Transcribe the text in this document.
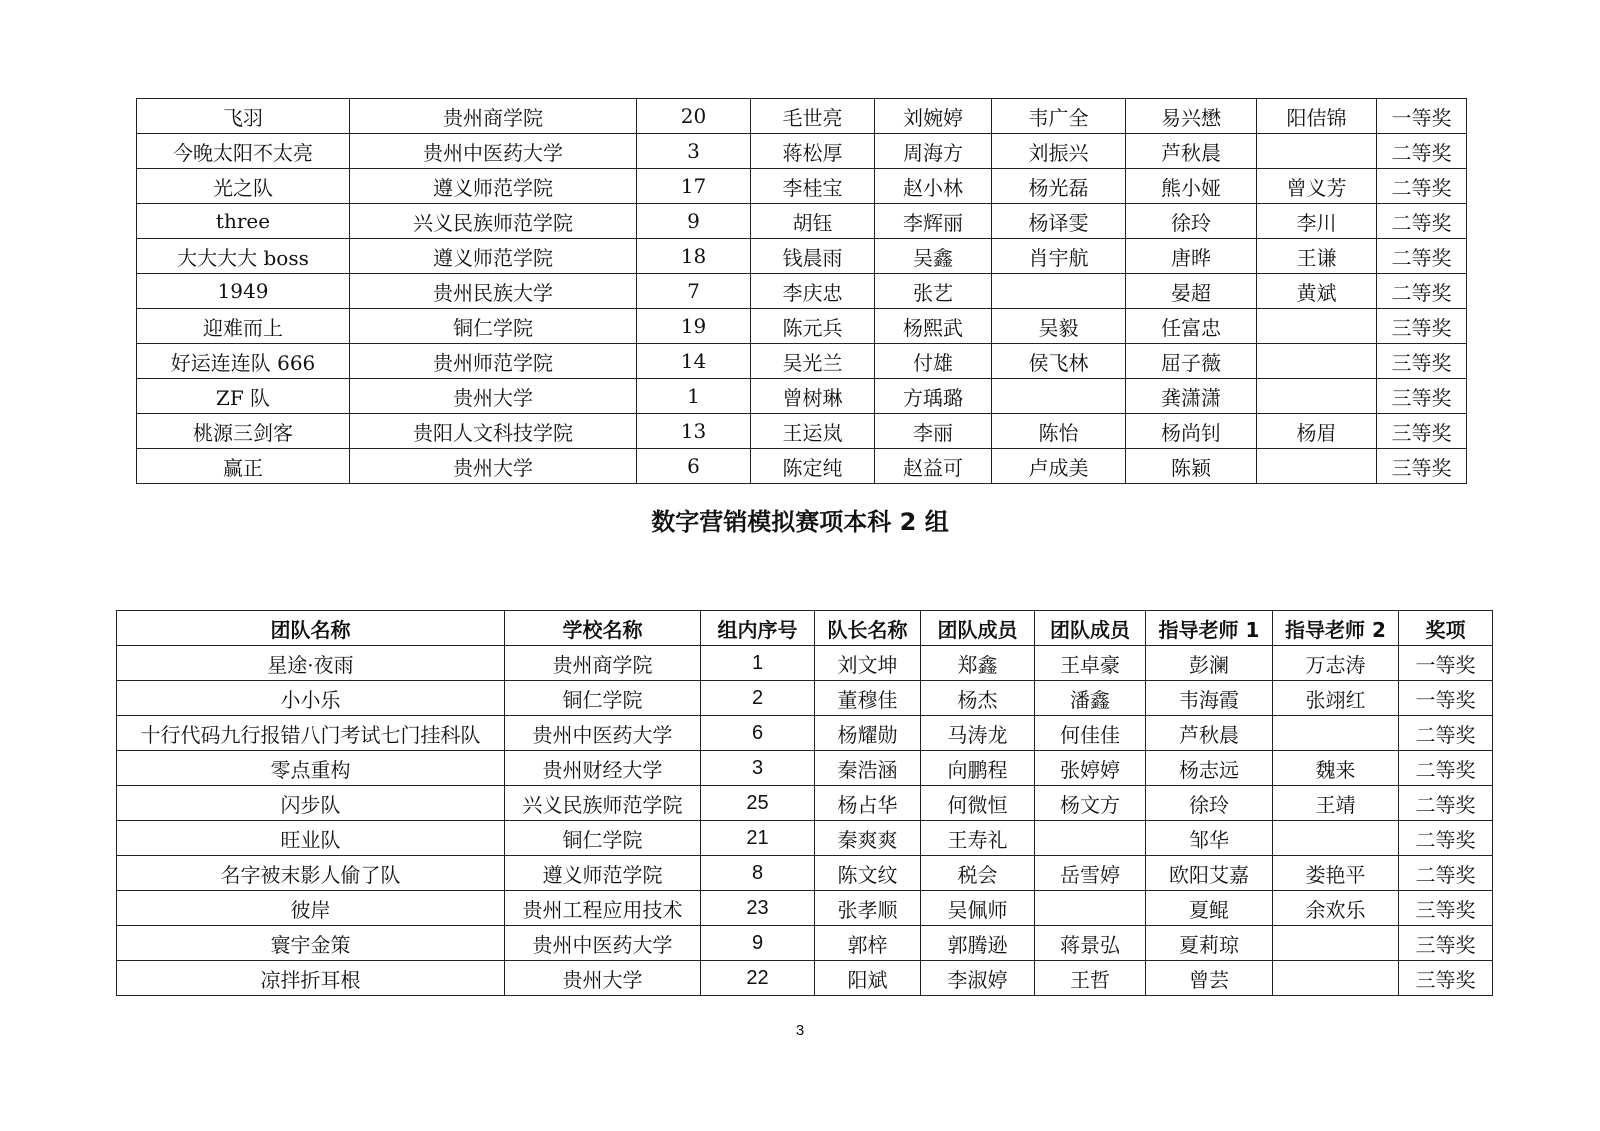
飞羽	贵州商学院	20	毛世亮	刘婉婷	韦广全	易兴懋	阳佶锦	一等奖
今晚太阳不太亮	贵州中医药大学	3	蒋松厚	周海方	刘振兴	芦秋晨		二等奖
光之队	遵义师范学院	17	李桂宝	赵小林	杨光磊	熊小娅	曾义芳	二等奖
three	兴义民族师范学院	9	胡钰	李辉丽	杨译雯	徐玲	李川	二等奖
大大大大 boss	遵义师范学院	18	钱晨雨	吴鑫	肖宇航	唐晔	王谦	二等奖
1949	贵州民族大学	7	李庆忠	张艺		晏超	黄斌	二等奖
迎难而上	铜仁学院	19	陈元兵	杨熙武	吴毅	任富忠		三等奖
好运连连队 666	贵州师范学院	14	吴光兰	付雄	侯飞林	屈子薇		三等奖
ZF 队	贵州大学	1	曾树琳	方瑀璐		龚潇潇		三等奖
桃源三剑客	贵阳人文科技学院	13	王运岚	李丽	陈怡	杨尚钊	杨眉	三等奖
赢正	贵州大学	6	陈定纯	赵益可	卢成美	陈颖		三等奖
数字营销模拟赛项本科 2 组
团队名称	学校名称	组内序号	队长名称	团队成员	团队成员	指导老师 1	指导老师 2	奖项
星途·夜雨	贵州商学院	1	刘文坤	郑鑫	王卓豪	彭澜	万志涛	一等奖
小小乐	铜仁学院	2	董穆佳	杨杰	潘鑫	韦海霞	张翊红	一等奖
十行代码九行报错八门考试七门挂科队	贵州中医药大学	6	杨耀勋	马涛龙	何佳佳	芦秋晨		二等奖
零点重构	贵州财经大学	3	秦浩涵	向鹏程	张婷婷	杨志远	魏来	二等奖
闪步队	兴义民族师范学院	25	杨占华	何微恒	杨文方	徐玲	王靖	二等奖
旺业队	铜仁学院	21	秦爽爽	王寿礼		邹华		二等奖
名字被末影人偷了队	遵义师范学院	8	陈文纹	税会	岳雪婷	欧阳艾嘉	娄艳平	二等奖
彼岸	贵州工程应用技术	23	张孝顺	吴佩师		夏鲲	余欢乐	三等奖
寰宇金策	贵州中医药大学	9	郭梓	郭腾逊	蒋景弘	夏莉琼		三等奖
凉拌折耳根	贵州大学	22	阳斌	李淑婷	王哲	曾芸		三等奖
3
